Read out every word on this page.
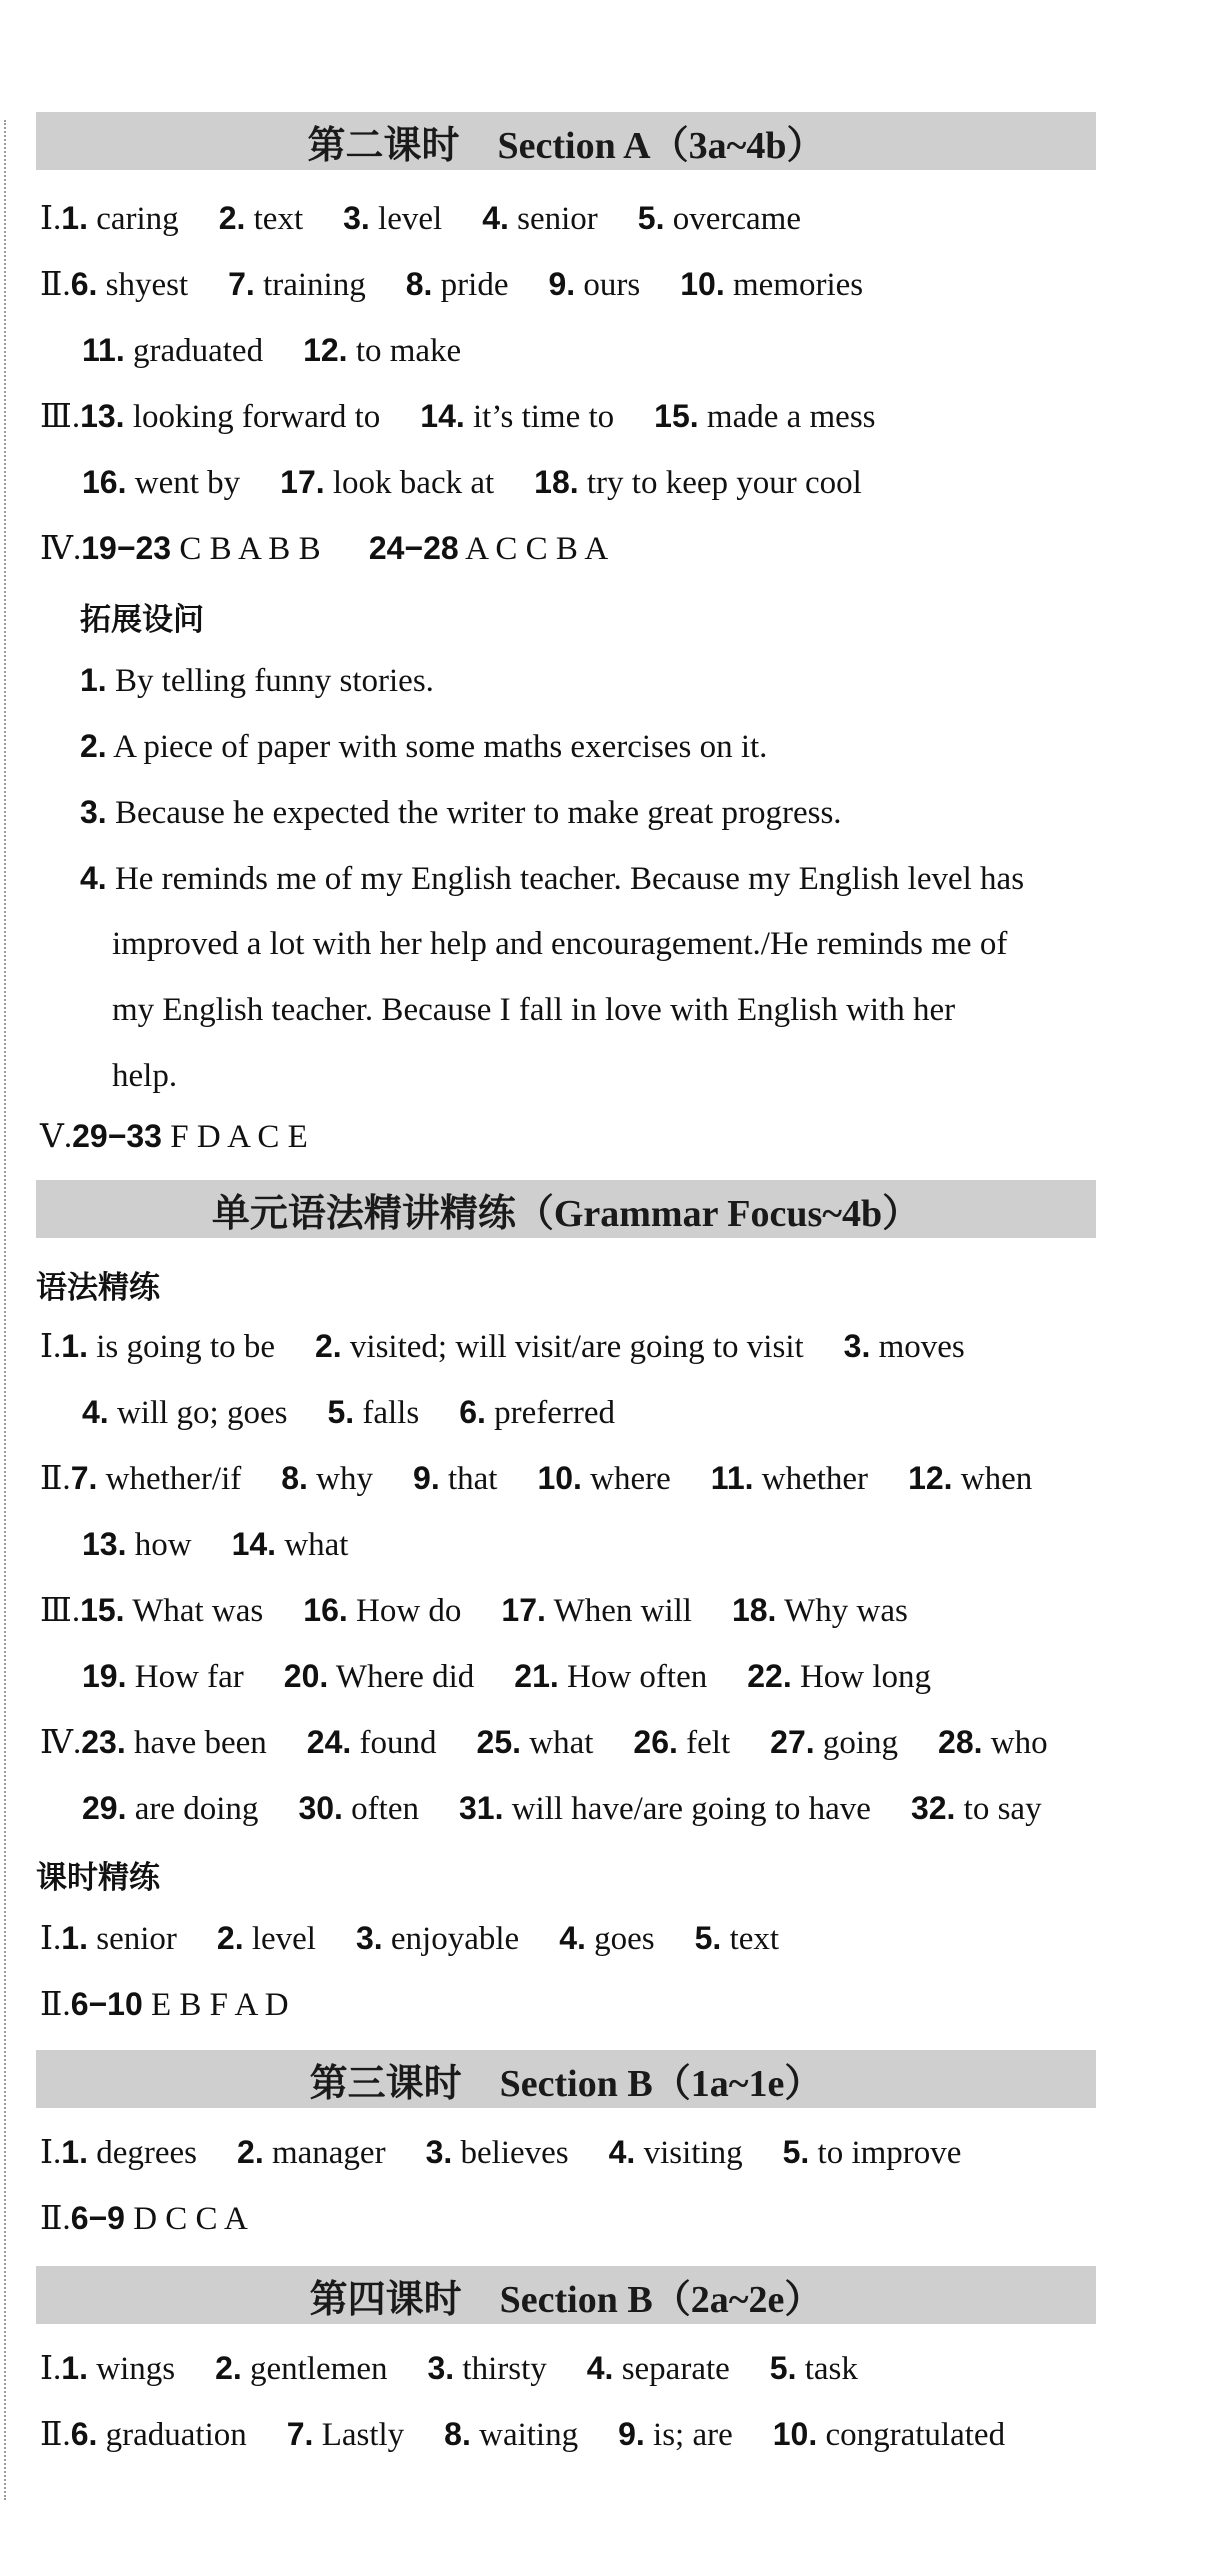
第二课时　Section A（3a~4b）
Ⅰ.1. caring 2. text 3. level 4. senior 5. overcame
Ⅱ.6. shyest 7. training 8. pride 9. ours 10. memories
11. graduated 12. to make
Ⅲ.13. looking forward to 14. it’s time to 15. made a mess
16. went by 17. look back at 18. try to keep your cool
Ⅳ.19−23 C B A B B 24−28 A C C B A
拓展设问
1. By telling funny stories.
2. A piece of paper with some maths exercises on it.
3. Because he expected the writer to make great progress.
4. He reminds me of my English teacher. Because my English level has
improved a lot with her help and encouragement./He reminds me of
my English teacher. Because I fall in love with English with her
help.
Ⅴ.29−33 F D A C E
单元语法精讲精练（Grammar Focus~4b）
语法精练
Ⅰ.1. is going to be 2. visited; will visit/are going to visit 3. moves
4. will go; goes 5. falls 6. preferred
Ⅱ.7. whether/if 8. why 9. that 10. where 11. whether 12. when
13. how 14. what
Ⅲ.15. What was 16. How do 17. When will 18. Why was
19. How far 20. Where did 21. How often 22. How long
Ⅳ.23. have been 24. found 25. what 26. felt 27. going 28. who
29. are doing 30. often 31. will have/are going to have 32. to say
课时精练
Ⅰ.1. senior 2. level 3. enjoyable 4. goes 5. text
Ⅱ.6−10 E B F A D
第三课时　Section B（1a~1e）
Ⅰ.1. degrees 2. manager 3. believes 4. visiting 5. to improve
Ⅱ.6−9 D C C A
第四课时　Section B（2a~2e）
Ⅰ.1. wings 2. gentlemen 3. thirsty 4. separate 5. task
Ⅱ.6. graduation 7. Lastly 8. waiting 9. is; are 10. congratulated
